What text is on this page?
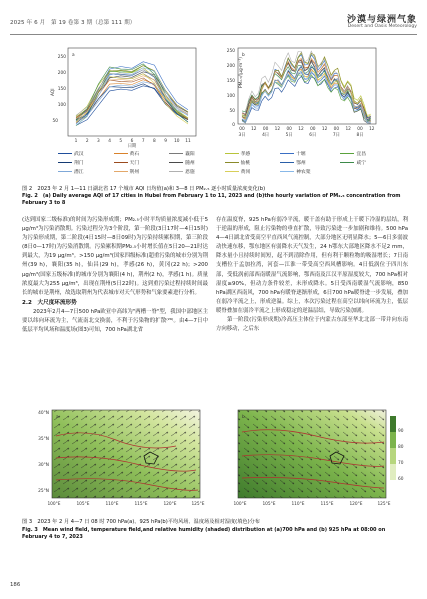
2025 年 6 月　第 19 卷第 3 期（总第 111 期）	沙漠与绿洲气象
Desert and Oasis Meteorology
a
AQI
50
100
150
200
250
1 2 3 4 5 6 7 8 9 10 11
日期
b
PM₂.₅/(μg·m⁻³)
0
50
100
150
200
250
00 12 00 12 00 12 00 12 00 12 00 12
3日	4日	5日	6日	7日	8日
武汉	黄石	襄阳	孝感	十堰	宜昌
荆门	天门	随州	仙桃	鄂州	咸宁
潜江	荆州	恩施	黄冈	神农架
图 2　2023 年 2 月 1—11 日湖北省 17 个城市 AQI 日均值(a)和 3—8 日 PM₂.₅ 逐小时质量浓度变化(b)
Fig. 2　(a) Daily average AQI of 17 cities in Hubei from February 1 to 11, 2023 and (b)the hourly variation of PM₂.₅ concentration from February 3 to 8

(达到国家二级标准)的时间为污染形成期；PM₂.₅小时平均质量浓度减小低于5 μg/m³为污染消散期。污染过程分为3个阶段，第一阶段(3日17时—4日15时)为污染形成期，第二阶段(4日15时—8日09时)为污染持续累积期，第三阶段(8日0—17时)为污染消散期。污染累积期PM₂.₅小时增长值在5日20—21时达到最大，为19 μg/m³。>150 μg/m³(国家四级标准)超重污染的城市分别为荆州(39 h)，襄阳(35 h)，仙昌(29 h)，孝感(26 h)，黄冈(22 h)；>200 μg/m³(国家五级标准)的城市分别为襄阳(4 h)，荆州(2 h)，孝感(1 h)。质量浓度最大为255 μg/m³，出现在荆州(5日22时)。这到重污染过程持续时间最长的城市是荆州，故选取荆州为代表城市对天气形势和气象要素进行分析。

2.2　大尺度环流形势

2023年2月4—7日500 hPa欧亚中高纬为"两槽一脊"型，我国中部地区主要以纬向环流为主，气流南北交换弱，不利于污染物的扩散⁽²⁶⁾。由4—7日中低层平均风场和温度场(图3)可知，700 hPa湖北省

存在温度脊，925 hPa有弱冷平流，暖干盖有助于形成上干暖下冷湿的层结，利于逆温的形成，阻止污染物的垂直扩散，导致污染进一步加剧和维持。500 hPa 4—4日湖北省受高空平直西风气流控制，大部分地区无明显降水；5—6日多弱波动快速东移，鄂东地区有弱降水天气发生，24 h鄂东大部地区降水不足2 mm，降水量小且持续时间短，起不到清除作用，但有利于颗粒物的吸湿增长；7日南支槽位于孟加拉湾，河套—江淮一带受高空西风槽影响。4日低涡位于四川东部，受低涡前部西南暖湿气流影响，鄂西南及江汉平原湿度较大，700 hPa相对湿度≥90%，但动力条件较差，未形成降水。5日受西南暖湿气流影响，850 hPa湖区西南风，700 hPa有暖脊逐渐形成，6日700 hPa暖脊进一步发展，叠加在弱冷平流之上，形成逆温。综上，本次污染过程在高空以纬向环流为主，低层暖脊叠加在弱冷平流之上形成稳定的逆温层结，导致污染加剧。

第一阶段(污染形成期)冷高压主体位于内蒙古东部至华北北部一带并向东南方向移动，之后东

a
40°N
35°N
30°N
25°N
100°E	105°E	110°E	115°E	120°E	125°E
b
100°E	105°E	110°E	115°E	120°E	125°E
60
70
80
90
图 3　2023 年 2 月 4—7 日 08 时 700 hPa(a)、925 hPa(b)平均风场、温度场及相对湿度(填色)分布
Fig. 3　Mean wind field, temperature field,and relative humidity (shaded) distribution at (a)700 hPa and (b) 925 hPa at 08:00 on February 4 to 7, 2023
186
